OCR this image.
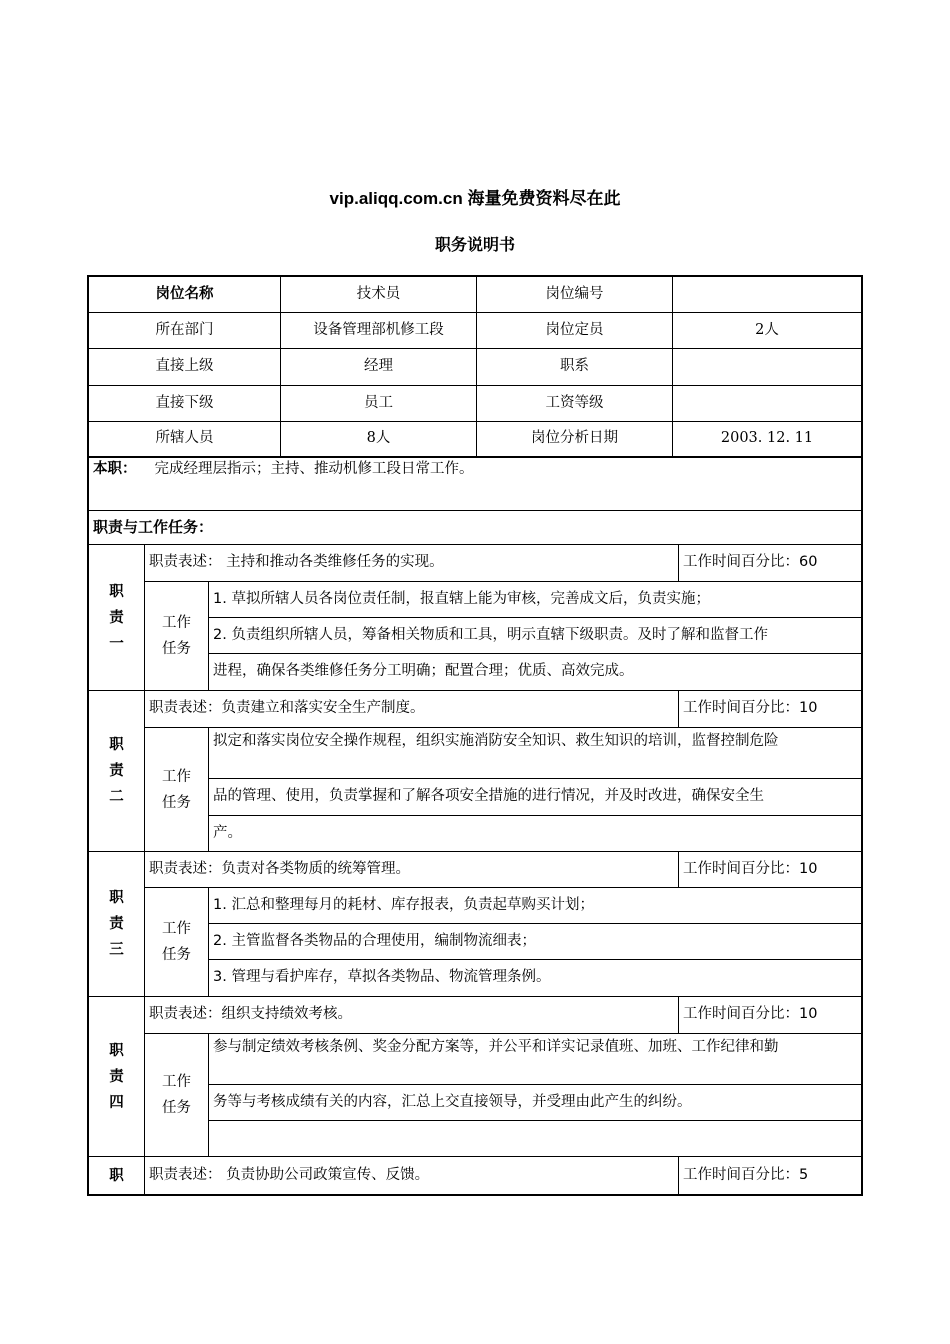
vip.aliqq.com.cn 海量免费资料尽在此
职务说明书
岗位名称	技术员	岗位编号
所在部门	设备管理部机修工段	岗位定员	2人
直接上级	经理	职系
直接下级	员工	工资等级
所辖人员	8人	岗位分析日期	2003. 12. 11
本职： 完成经理层指示；主持、推动机修工段日常工作。
职责与工作任务：
职
责
一
职责表述： 主持和推动各类维修任务的实现。	工作时间百分比：60
工作
任务
1. 草拟所辖人员各岗位责任制，报直辖上能为审核，完善成文后，负责实施；
2. 负责组织所辖人员，筹备相关物质和工具，明示直辖下级职责。及时了解和监督工作
进程，确保各类维修任务分工明确；配置合理；优质、高效完成。
职
责
二
职责表述：负责建立和落实安全生产制度。	工作时间百分比：10
工作
任务
拟定和落实岗位安全操作规程，组织实施消防安全知识、救生知识的培训，监督控制危险
品的管理、使用，负责掌握和了解各项安全措施的进行情况，并及时改进，确保安全生
产。
职
责
三
职责表述：负责对各类物质的统筹管理。	工作时间百分比：10
工作
任务
1. 汇总和整理每月的耗材、库存报表，负责起草购买计划；
2. 主管监督各类物品的合理使用，编制物流细表；
3. 管理与看护库存，草拟各类物品、物流管理条例。
职
责
四
职责表述：组织支持绩效考核。	工作时间百分比：10
工作
任务
参与制定绩效考核条例、奖金分配方案等，并公平和详实记录值班、加班、工作纪律和勤
务等与考核成绩有关的内容，汇总上交直接领导，并受理由此产生的纠纷。
职 职责表述： 负责协助公司政策宣传、反馈。	工作时间百分比：5
